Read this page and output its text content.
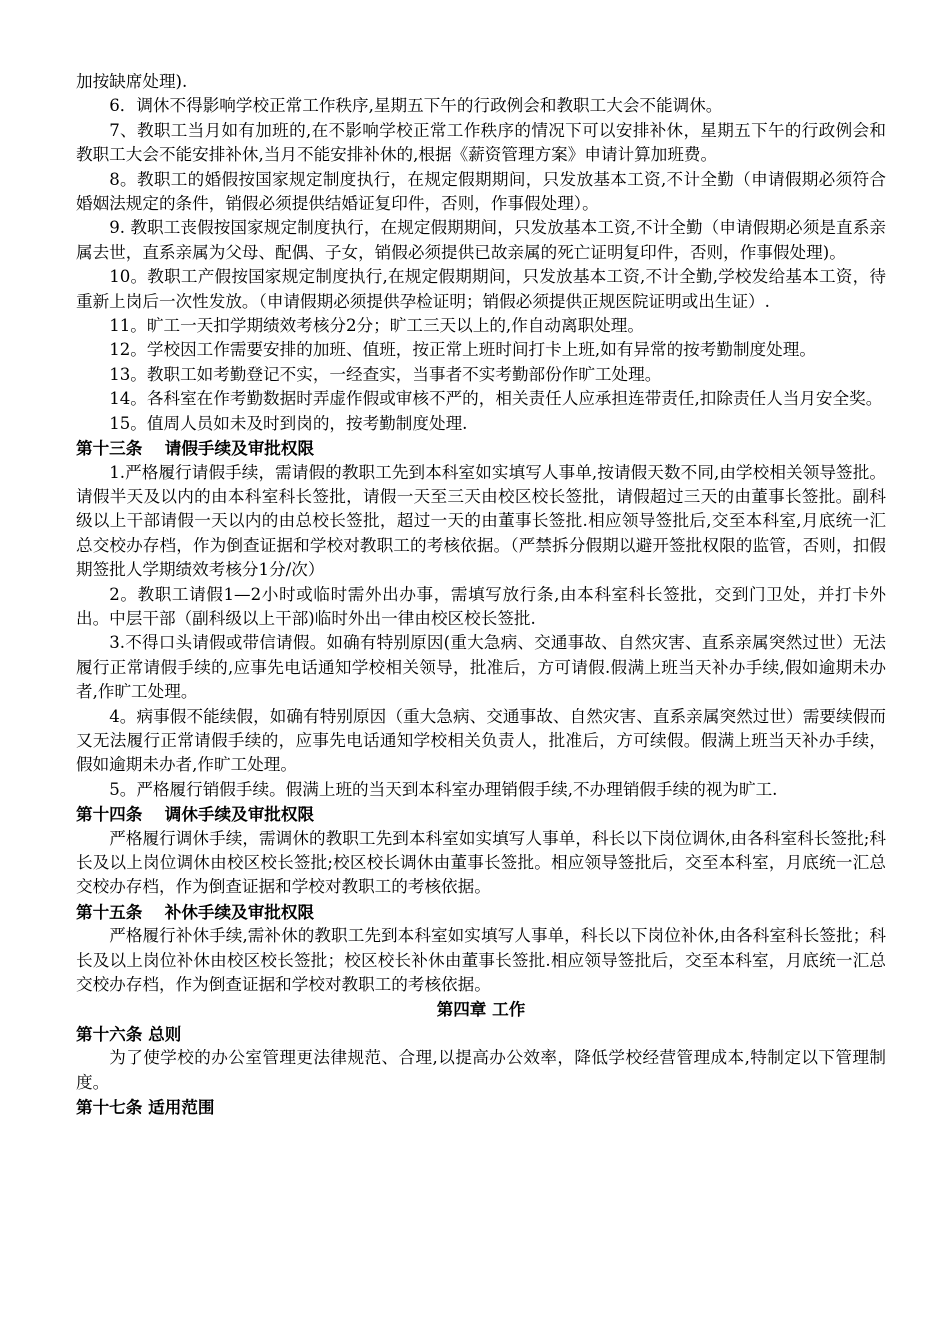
加按缺席处理).

6．调休不得影响学校正常工作秩序,星期五下午的行政例会和教职工大会不能调休。

7、教职工当月如有加班的,在不影响学校正常工作秩序的情况下可以安排补休，星期五下午的行政例会和教职工大会不能安排补休,当月不能安排补休的,根据《薪资管理方案》申请计算加班费。

8。教职工的婚假按国家规定制度执行，在规定假期期间，只发放基本工资,不计全勤（申请假期必须符合婚姻法规定的条件，销假必须提供结婚证复印件，否则，作事假处理）。

9. 教职工丧假按国家规定制度执行，在规定假期期间，只发放基本工资,不计全勤（申请假期必须是直系亲属去世，直系亲属为父母、配偶、子女，销假必须提供已故亲属的死亡证明复印件，否则，作事假处理)。

10。教职工产假按国家规定制度执行,在规定假期期间，只发放基本工资,不计全勤,学校发给基本工资，待重新上岗后一次性发放。（申请假期必须提供孕检证明；销假必须提供正规医院证明或出生证）.

11。旷工一天扣学期绩效考核分2分；旷工三天以上的,作自动离职处理。

12。学校因工作需要安排的加班、值班，按正常上班时间打卡上班,如有异常的按考勤制度处理。

13。教职工如考勤登记不实，一经查实，当事者不实考勤部份作旷工处理。

14。各科室在作考勤数据时弄虚作假或审核不严的，相关责任人应承担连带责任,扣除责任人当月安全奖。

15。值周人员如未及时到岗的，按考勤制度处理.

第十三条　 请假手续及审批权限

1.严格履行请假手续，需请假的教职工先到本科室如实填写人事单,按请假天数不同,由学校相关领导签批。请假半天及以内的由本科室科长签批，请假一天至三天由校区校长签批，请假超过三天的由董事长签批。副科级以上干部请假一天以内的由总校长签批，超过一天的由董事长签批.相应领导签批后,交至本科室,月底统一汇总交校办存档，作为倒查证据和学校对教职工的考核依据。（严禁拆分假期以避开签批权限的监管，否则，扣假期签批人学期绩效考核分1分/次）

2。教职工请假1—2小时或临时需外出办事，需填写放行条,由本科室科长签批，交到门卫处，并打卡外出。中层干部（副科级以上干部)临时外出一律由校区校长签批.

3.不得口头请假或带信请假。如确有特别原因(重大急病、交通事故、自然灾害、直系亲属突然过世）无法履行正常请假手续的,应事先电话通知学校相关领导，批准后，方可请假.假满上班当天补办手续,假如逾期未办者,作旷工处理。

4。病事假不能续假，如确有特别原因（重大急病、交通事故、自然灾害、直系亲属突然过世）需要续假而又无法履行正常请假手续的，应事先电话通知学校相关负责人，批准后，方可续假。假满上班当天补办手续，假如逾期未办者,作旷工处理。

5。严格履行销假手续。假满上班的当天到本科室办理销假手续,不办理销假手续的视为旷工.

第十四条　 调休手续及审批权限

严格履行调休手续，需调休的教职工先到本科室如实填写人事单，科长以下岗位调休,由各科室科长签批;科长及以上岗位调休由校区校长签批;校区校长调休由董事长签批。相应领导签批后，交至本科室，月底统一汇总交校办存档，作为倒查证据和学校对教职工的考核依据。

第十五条　 补休手续及审批权限

严格履行补休手续,需补休的教职工先到本科室如实填写人事单，科长以下岗位补休,由各科室科长签批；科长及以上岗位补休由校区校长签批；校区校长补休由董事长签批.相应领导签批后，交至本科室，月底统一汇总交校办存档，作为倒查证据和学校对教职工的考核依据。

第四章 工作

第十六条 总则

为了使学校的办公室管理更法律规范、合理,以提高办公效率，降低学校经营管理成本,特制定以下管理制度。

第十七条 适用范围
